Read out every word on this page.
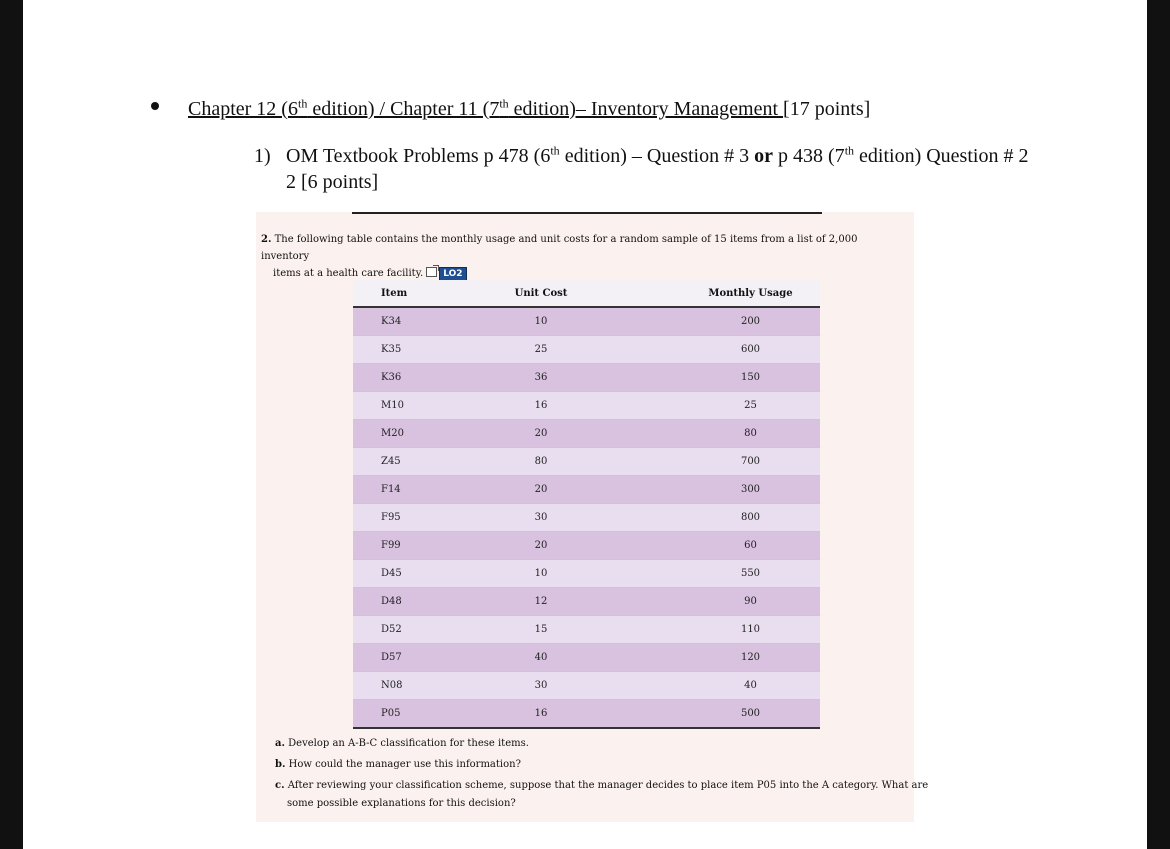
Chapter 12 (6th edition) / Chapter 11 (7th edition)– Inventory Management [17 points]
1) OM Textbook Problems p 478 (6th edition) – Question # 3 or p 438 (7th edition) Question # 2
2 [6 points]
2. The following table contains the monthly usage and unit costs for a random sample of 15 items from a list of 2,000 inventory
items at a health care facility. LO2
Item	Unit Cost	Monthly Usage
K34	10	200
K35	25	600
K36	36	150
M10	16	25
M20	20	80
Z45	80	700
F14	20	300
F95	30	800
F99	20	60
D45	10	550
D48	12	90
D52	15	110
D57	40	120
N08	30	40
P05	16	500
a. Develop an A-B-C classification for these items.
b. How could the manager use this information?
c. After reviewing your classification scheme, suppose that the manager decides to place item P05 into the A category. What are
some possible explanations for this decision?
